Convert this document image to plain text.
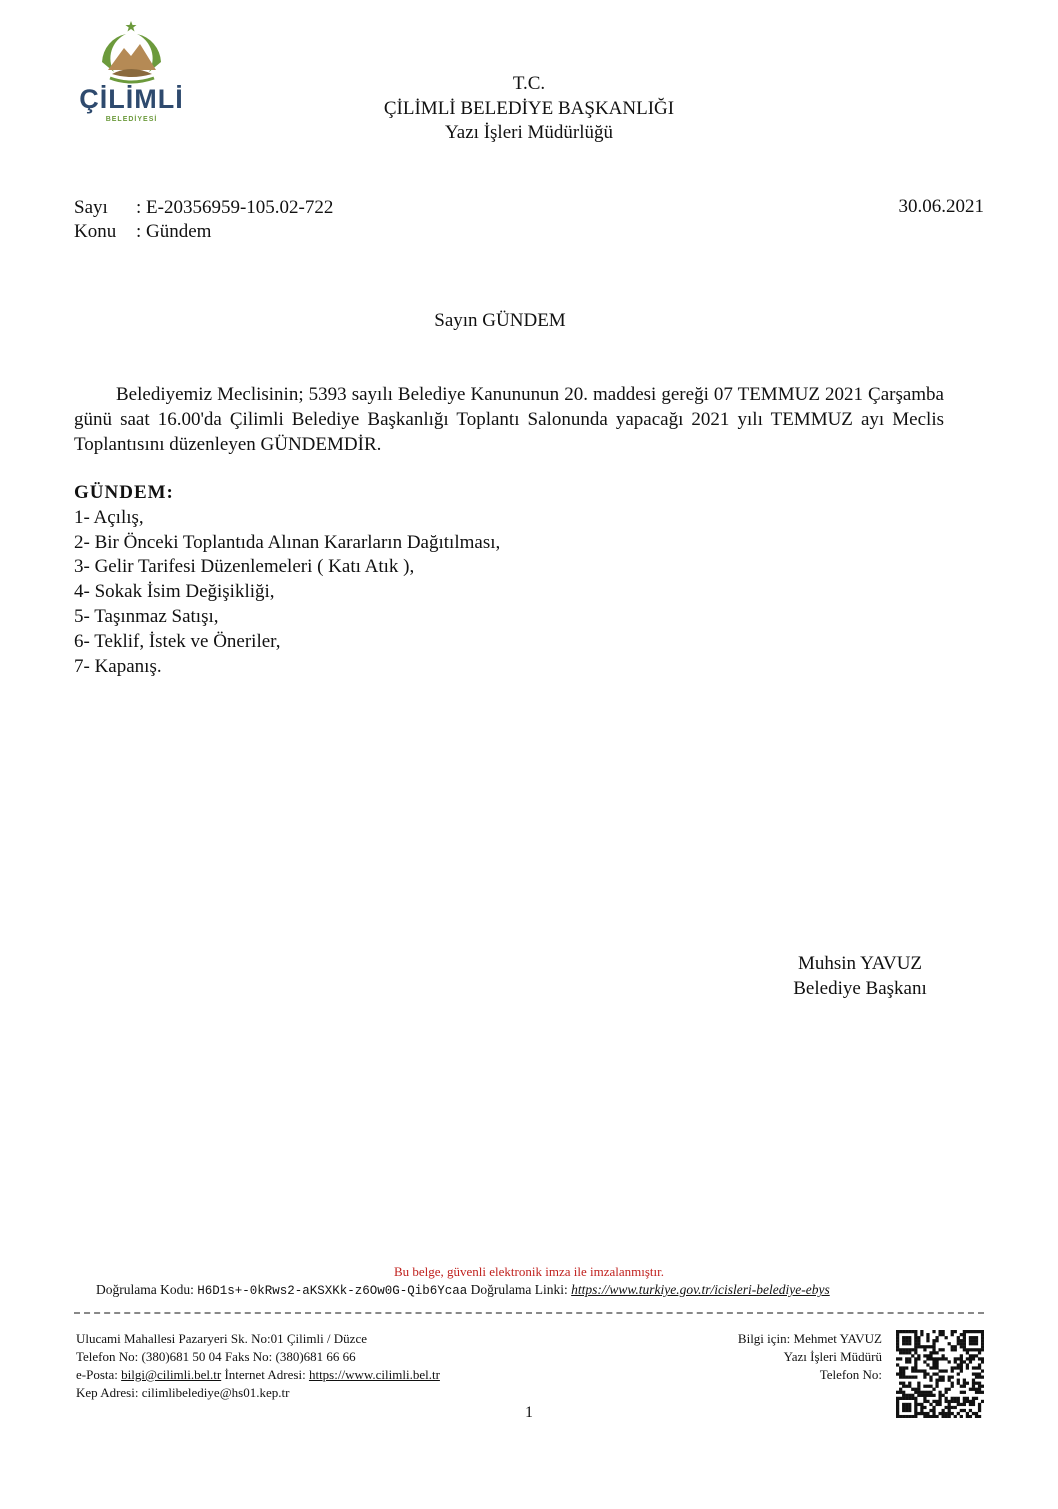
ÇİLİMLİ
BELEDİYESİ
T.C.
ÇİLİMLİ BELEDİYE BAŞKANLIĞI
Yazı İşleri Müdürlüğü
Sayı : E-20356959-105.02-722
Konu : Gündem
30.06.2021
Sayın GÜNDEM
Belediyemiz Meclisinin; 5393 sayılı Belediye Kanununun 20. maddesi gereği 07 TEMMUZ 2021 Çarşamba günü saat 16.00'da Çilimli Belediye Başkanlığı Toplantı Salonunda yapacağı 2021 yılı TEMMUZ ayı Meclis Toplantısını düzenleyen GÜNDEMDİR.
GÜNDEM:
1- Açılış,
2- Bir Önceki Toplantıda Alınan Kararların Dağıtılması,
3- Gelir Tarifesi Düzenlemeleri ( Katı Atık ),
4- Sokak İsim Değişikliği,
5- Taşınmaz Satışı,
6- Teklif, İstek ve Öneriler,
7- Kapanış.
Muhsin YAVUZ
Belediye Başkanı
Bu belge, güvenli elektronik imza ile imzalanmıştır.
Doğrulama Kodu: H6D1s+-0kRws2-aKSXKk-z6Ow0G-Qib6Ycaa Doğrulama Linki: https://www.turkiye.gov.tr/icisleri-belediye-ebys
Ulucami Mahallesi Pazaryeri Sk. No:01 Çilimli / Düzce
Telefon No: (380)681 50 04 Faks No: (380)681 66 66
e-Posta: bilgi@cilimli.bel.tr İnternet Adresi: https://www.cilimli.bel.tr
Kep Adresi: cilimlibelediye@hs01.kep.tr
Bilgi için: Mehmet YAVUZ
Yazı İşleri Müdürü
Telefon No:
1
